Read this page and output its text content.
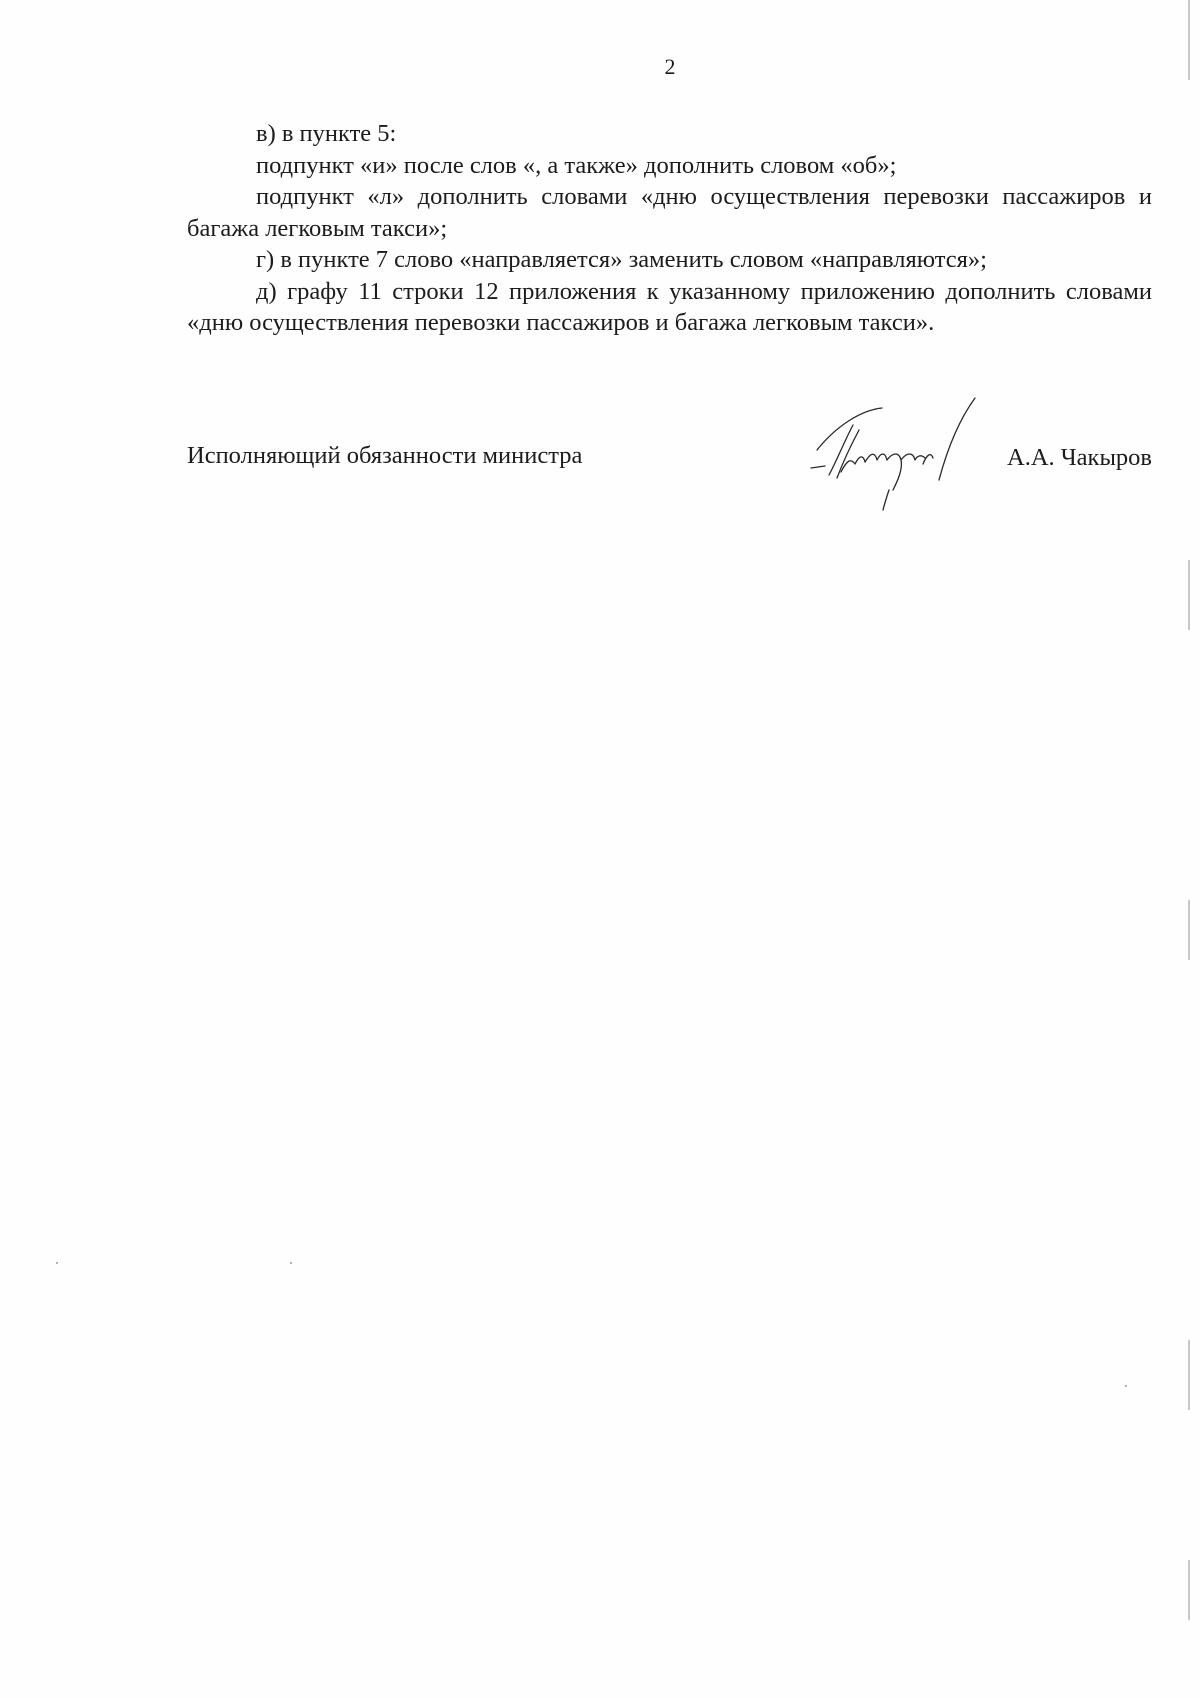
2

в) в пункте 5:

подпункт «и» после слов «, а также» дополнить словом «об»;

подпункт «л» дополнить словами «дню осуществления перевозки пассажиров и багажа легковым такси»;

г) в пункте 7 слово «направляется» заменить словом «направляются»;

д) графу 11 строки 12 приложения к указанному приложению дополнить словами «дню осуществления перевозки пассажиров и багажа легковым такси».

Исполняющий обязанности министра	А.А. Чакыров
